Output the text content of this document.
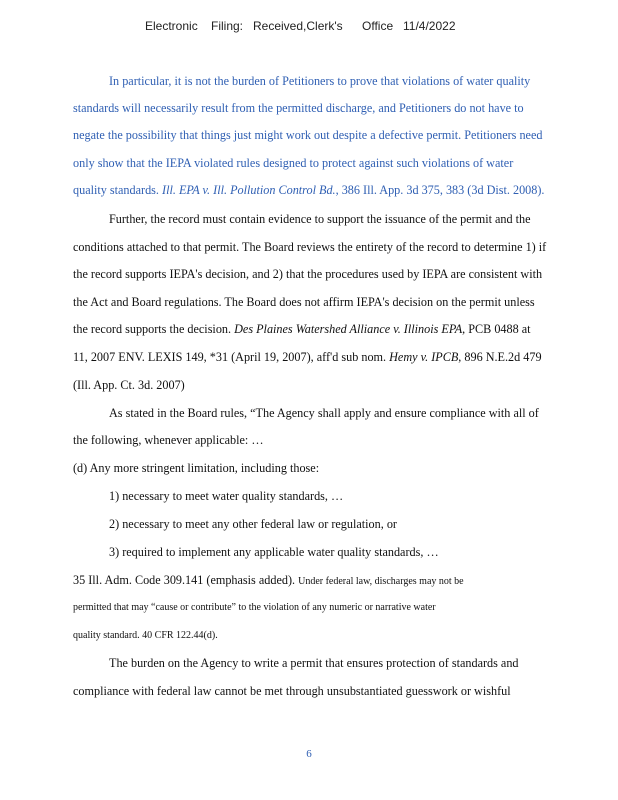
Electronic Filing: Received,Clerk's Office 11/4/2022
In particular, it is not the burden of Petitioners to prove that violations of water quality
standards will necessarily result from the permitted discharge, and Petitioners do not have to
negate the possibility that things just might work out despite a defective permit. Petitioners need
only show that the IEPA violated rules designed to protect against such violations of water
quality standards. Ill. EPA v. Ill. Pollution Control Bd., 386 Ill. App. 3d 375, 383 (3d Dist. 2008).
Further, the record must contain evidence to support the issuance of the permit and the
conditions attached to that permit. The Board reviews the entirety of the record to determine 1) if
the record supports IEPA's decision, and 2) that the procedures used by IEPA are consistent with
the Act and Board regulations. The Board does not affirm IEPA's decision on the permit unless
the record supports the decision. Des Plaines Watershed Alliance v. Illinois EPA, PCB 0488 at
11, 2007 ENV. LEXIS 149, *31 (April 19, 2007), aff'd sub nom. Hemy v. IPCB, 896 N.E.2d 479
(Ill. App. Ct. 3d. 2007)
As stated in the Board rules, “The Agency shall apply and ensure compliance with all of
the following, whenever applicable: …
(d) Any more stringent limitation, including those:
1) necessary to meet water quality standards, …
2) necessary to meet any other federal law or regulation, or
3) required to implement any applicable water quality standards, …
35 Ill. Adm. Code 309.141 (emphasis added). Under federal law, discharges may not be
permitted that may “cause or contribute” to the violation of any numeric or narrative water
quality standard. 40 CFR 122.44(d).
The burden on the Agency to write a permit that ensures protection of standards and
compliance with federal law cannot be met through unsubstantiated guesswork or wishful
6
